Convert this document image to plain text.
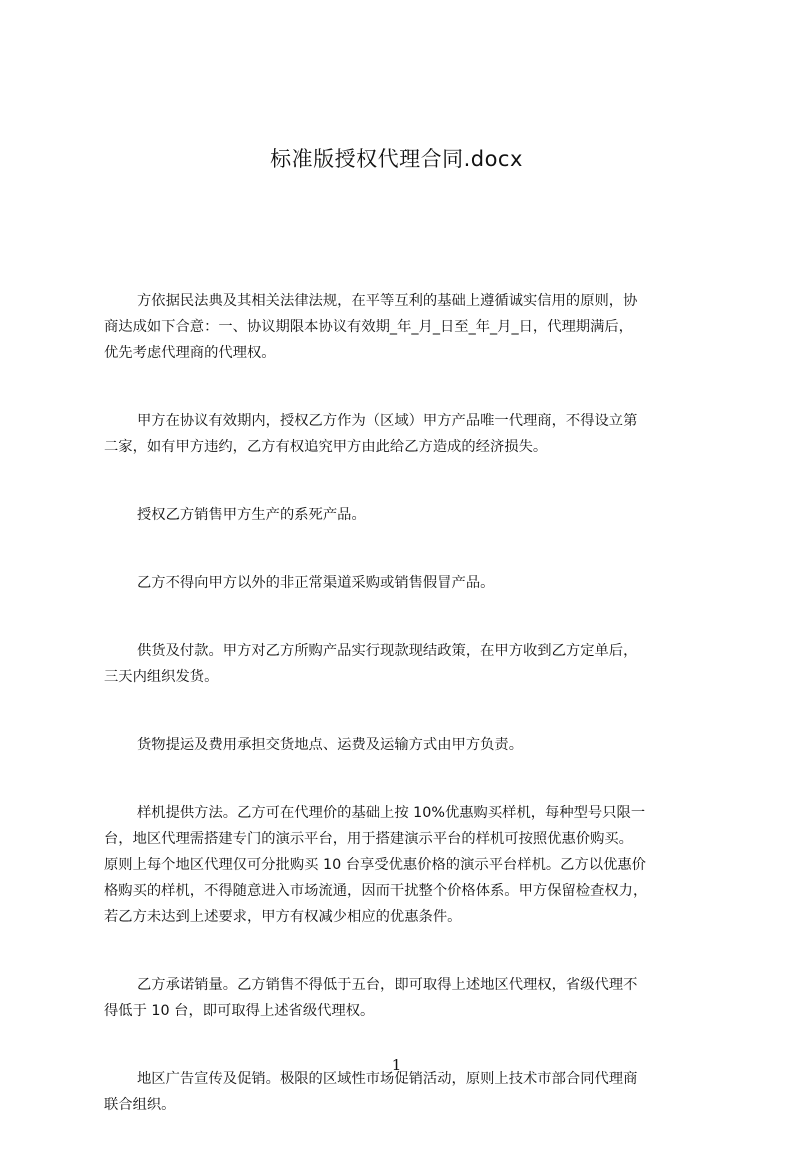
标准版授权代理合同.docx

方依据民法典及其相关法律法规，在平等互利的基础上遵循诚实信用的原则，协
商达成如下合意：一、协议期限本协议有效期_年_月_日至_年_月_日，代理期满后，
优先考虑代理商的代理权。

甲方在协议有效期内，授权乙方作为（区域）甲方产品唯一代理商，不得设立第
二家，如有甲方违约，乙方有权追究甲方由此给乙方造成的经济损失。

授权乙方销售甲方生产的系死产品。

乙方不得向甲方以外的非正常渠道采购或销售假冒产品。

供货及付款。甲方对乙方所购产品实行现款现结政策，在甲方收到乙方定单后，
三天内组织发货。

货物提运及费用承担交货地点、运费及运输方式由甲方负责。

样机提供方法。乙方可在代理价的基础上按 10%优惠购买样机，每种型号只限一
台，地区代理需搭建专门的演示平台，用于搭建演示平台的样机可按照优惠价购买。
原则上每个地区代理仅可分批购买 10 台享受优惠价格的演示平台样机。乙方以优惠价
格购买的样机，不得随意进入市场流通，因而干扰整个价格体系。甲方保留检查权力，
若乙方未达到上述要求，甲方有权减少相应的优惠条件。

乙方承诺销量。乙方销售不得低于五台，即可取得上述地区代理权，省级代理不
得低于 10 台，即可取得上述省级代理权。

地区广告宣传及促销。极限的区域性市场促销活动，原则上技术市部合同代理商
联合组织。

1
